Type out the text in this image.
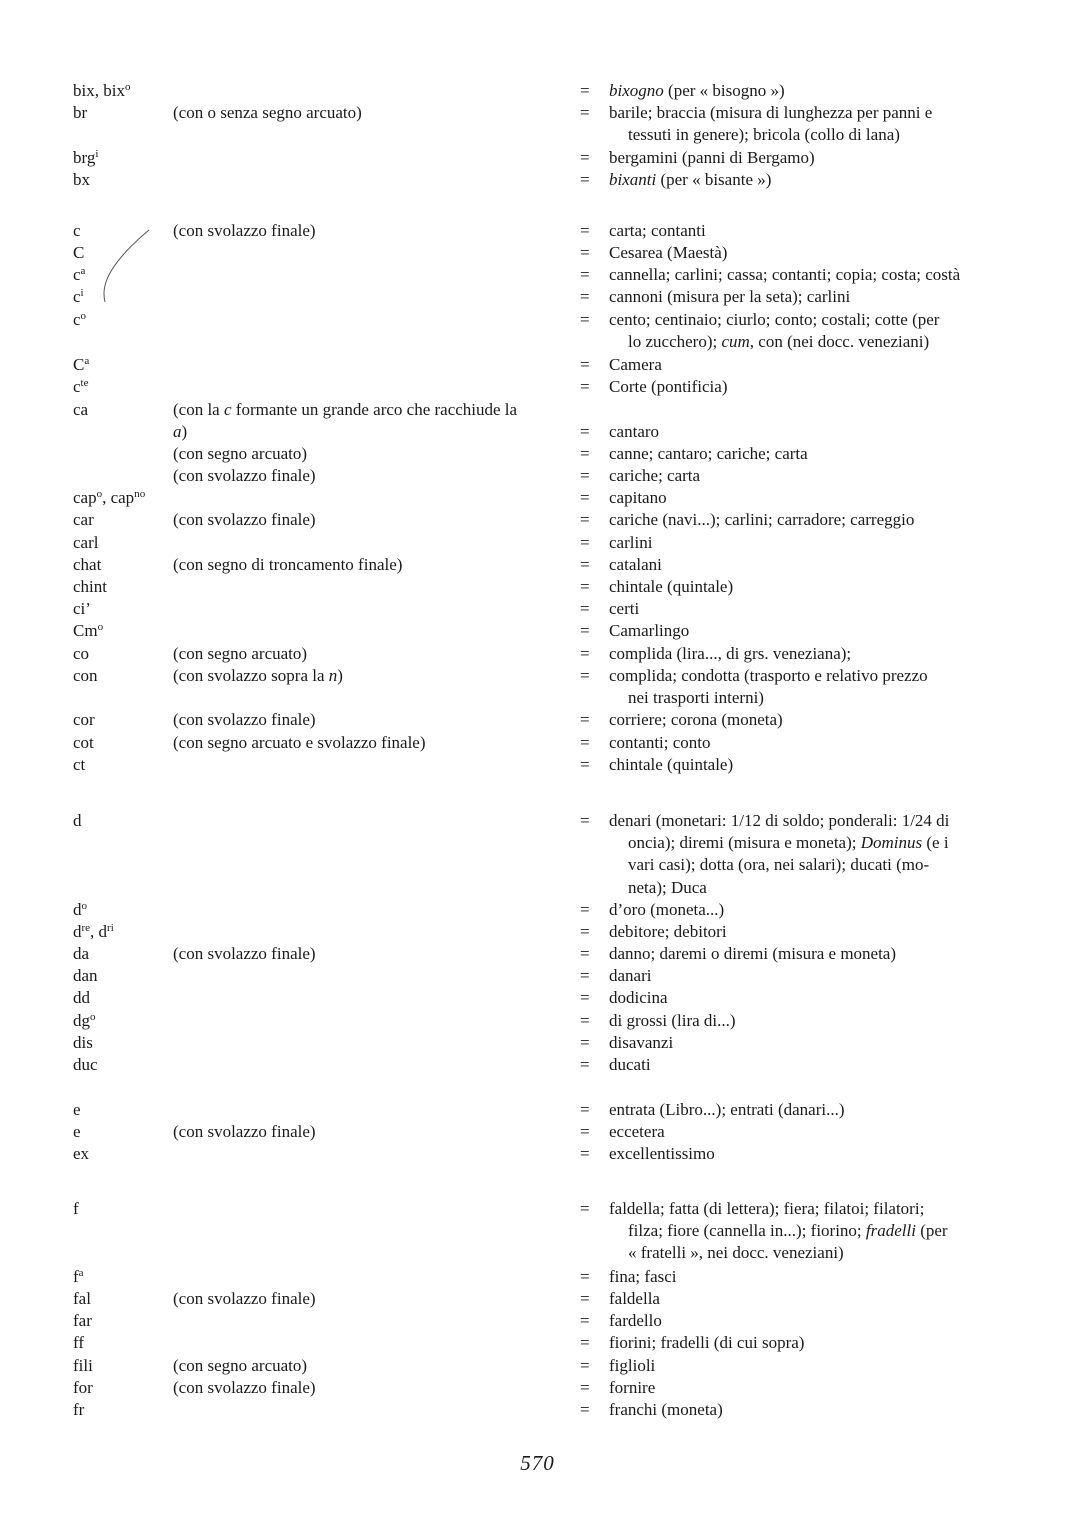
bix, bix$^o$	= bixogno (per « bisogno »)
br	(con o senza segno arcuato)	= barile; braccia (misura di lunghezza per panni e
tessuti in genere); bricola (collo di lana)
brg$^i$	= bergamini (panni di Bergamo)
bx	= bixanti (per « bisante »)
c	(con svolazzo finale)	= carta; contanti
C	= Cesarea (Maestà)
$c^a$	= cannella; carlini; cassa; contanti; copia; costa; costà
$c^i$	= cannoni (misura per la seta); carlini
$c^o$	= cento; centinaio; ciurlo; conto; costali; cotte (per
lo zucchero); cum, con (nei docc. veneziani)
$C^a$	= Camera
$c^{te}$	= Corte (pontificia)
ca	(con la c formante un grande arco che racchiude la a)	= cantaro
(con segno arcuato)	= canne; cantaro; cariche; carta
(con svolazzo finale)	= cariche; carta
cap$^o$, cap$^{no}$	= capitano
car	(con svolazzo finale)	= cariche (navi...); carlini; carradore; carreggio
carl	= carlini
chat	(con segno di troncamento finale)	= catalani
chint	= chintale (quintale)
ci’	= certi
$Cm^o$	= Camarlingo
co	(con segno arcuato)	= complida (lira..., di grs. veneziana);
con	(con svolazzo sopra la n)	= complida; condotta (trasporto e relativo prezzo
nei trasporti interni)
cor	(con svolazzo finale)	= corriere; corona (moneta)
cot	(con segno arcuato e svolazzo finale)	= contanti; conto
ct	= chintale (quintale)
d	= denari (monetari: 1/12 di soldo; ponderali: 1/24 di
oncia); diremi (misura e moneta); Dominus (e i
vari casi); dotta (ora, nei salari); ducati (mo-
neta); Duca
$d^o$	= d’oro (moneta...)
$d^{re}$, $d^{ri}$	= debitore; debitori
da	(con svolazzo finale)	= danno; daremi o diremi (misura e moneta)
dan	= danari
dd	= dodicina
$dg^o$	= di grossi (lira di...)
dis	= disavanzi
duc	= ducati
e	= entrata (Libro...); entrati (danari...)
e	(con svolazzo finale)	= eccetera
ex	= excellentissimo
f	= faldella; fatta (di lettera); fiera; filatoi; filatori;
filza; fiore (cannella in...); fiorino; fradelli (per
« fratelli », nei docc. veneziani)
$f^a$	= fina; fasci
fal	(con svolazzo finale)	= faldella
far	= fardello
ff	= fiorini; fradelli (di cui sopra)
fili	(con segno arcuato)	= figlioli
for	(con svolazzo finale)	= fornire
fr	= franchi (moneta)
570
